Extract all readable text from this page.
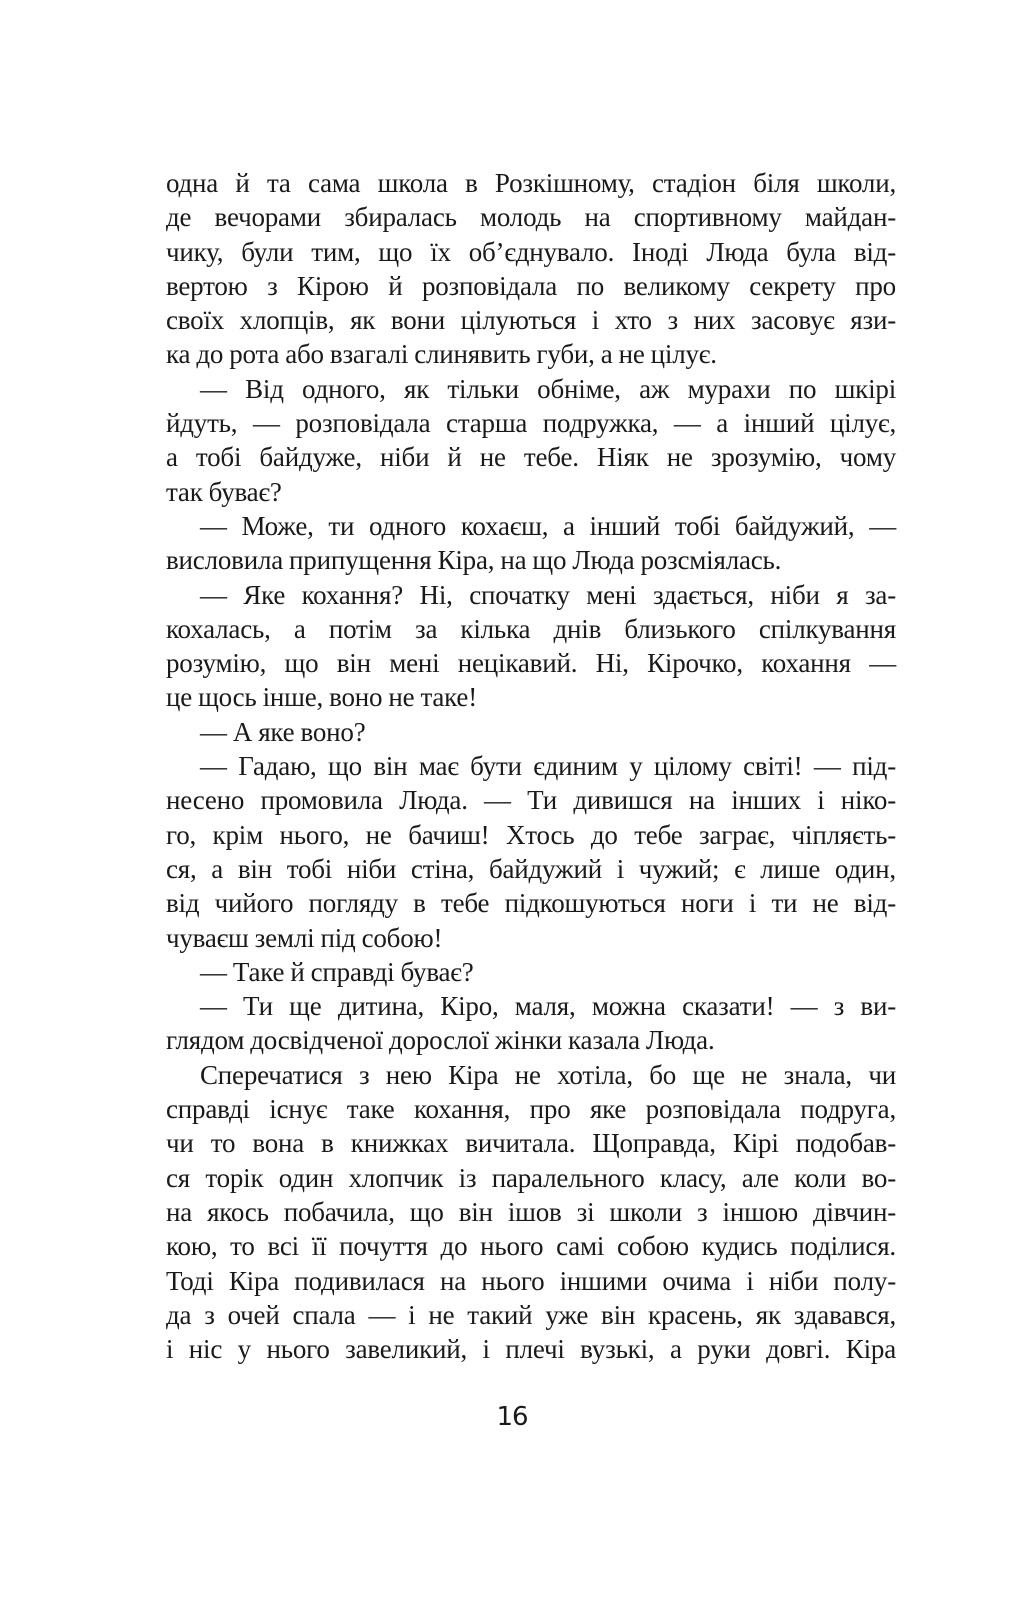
одна й та сама школа в Розкішному, стадіон біля школи,
де вечорами збиралась молодь на спортивному майдан-
чику, були тим, що їх об’єднувало. Іноді Люда була від-
вертою з Кірою й розповідала по великому секрету про
своїх хлопців, як вони цілуються і хто з них засовує язи-
ка до рота або взагалі слинявить губи, а не цілує.
— Від одного, як тільки обніме, аж мурахи по шкірі
йдуть, — розповідала старша подружка, — а інший цілує,
а тобі байдуже, ніби й не тебе. Ніяк не зрозумію, чому
так буває?
— Може, ти одного кохаєш, а інший тобі байдужий, —
висловила припущення Кіра, на що Люда розсміялась.
— Яке кохання? Ні, спочатку мені здається, ніби я за-
кохалась, а потім за кілька днів близького спілкування
розумію, що він мені нецікавий. Ні, Кірочко, кохання —
це щось інше, воно не таке!
— А яке воно?
— Гадаю, що він має бути єдиним у цілому світі! — під-
несено промовила Люда. — Ти дивишся на інших і ніко-
го, крім нього, не бачиш! Хтось до тебе заграє, чіпляєть-
ся, а він тобі ніби стіна, байдужий і чужий; є лише один,
від чийого погляду в тебе підкошуються ноги і ти не від-
чуваєш землі під собою!
— Таке й справді буває?
— Ти ще дитина, Кіро, маля, можна сказати! — з ви-
глядом досвідченої дорослої жінки казала Люда.
Сперечатися з нею Кіра не хотіла, бо ще не знала, чи
справді існує таке кохання, про яке розповідала подруга,
чи то вона в книжках вичитала. Щоправда, Кірі подобав-
ся торік один хлопчик із паралельного класу, але коли во-
на якось побачила, що він ішов зі школи з іншою дівчин-
кою, то всі її почуття до нього самі собою кудись поділися.
Тоді Кіра подивилася на нього іншими очима і ніби полу-
да з очей спала — і не такий уже він красень, як здавався,
і ніс у нього завеликий, і плечі вузькі, а руки довгі. Кіра
16
